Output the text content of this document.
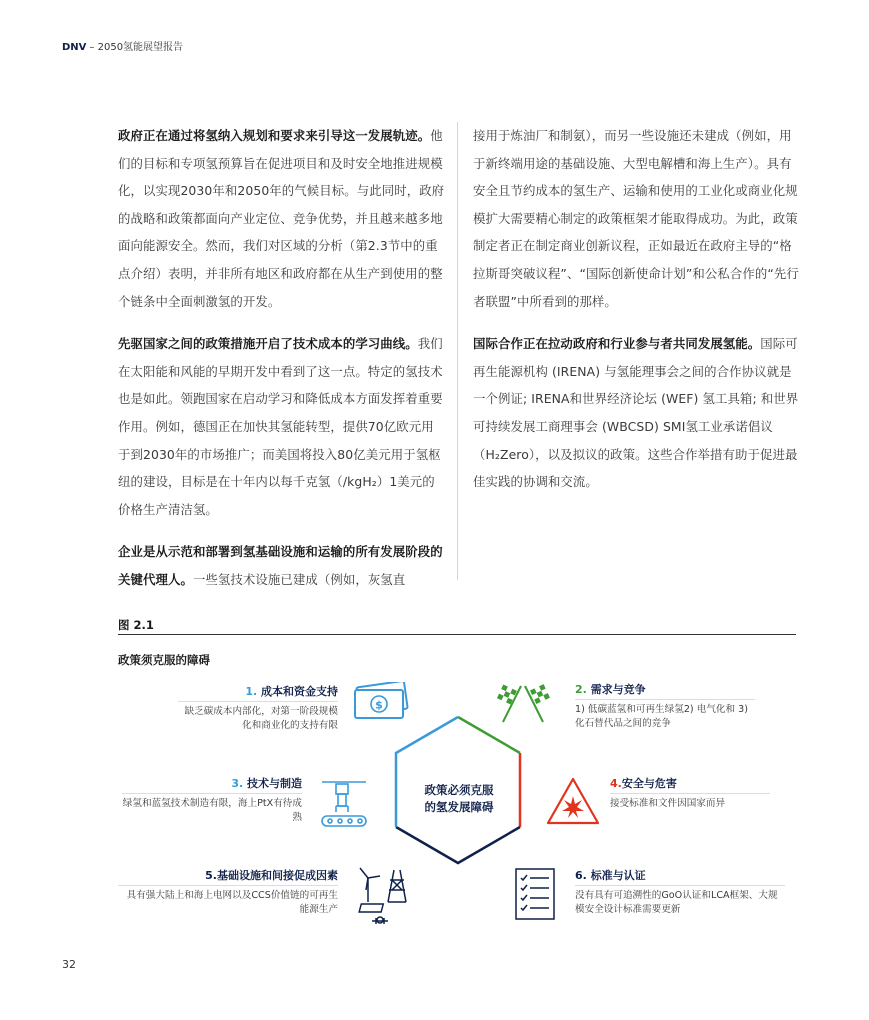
DNV – 2050氢能展望报告

政府正在通过将氢纳入规划和要求来引导这一发展轨迹。他们的目标和专项氢预算旨在促进项目和及时安全地推进规模化，以实现2030年和2050年的气候目标。与此同时，政府的战略和政策都面向产业定位、竞争优势，并且越来越多地面向能源安全。然而，我们对区域的分析（第2.3节中的重点介绍）表明，并非所有地区和政府都在从生产到使用的整个链条中全面刺激氢的开发。

先驱国家之间的政策措施开启了技术成本的学习曲线。我们在太阳能和风能的早期开发中看到了这一点。特定的氢技术也是如此。领跑国家在启动学习和降低成本方面发挥着重要作用。例如，德国正在加快其氢能转型，提供70亿欧元用于到2030年的市场推广；而美国将投入80亿美元用于氢枢纽的建设，目标是在十年内以每千克氢（/kgH₂）1美元的价格生产清洁氢。

企业是从示范和部署到氢基础设施和运输的所有发展阶段的关键代理人。一些氢技术设施已建成（例如，灰氢直

接用于炼油厂和制氨），而另一些设施还未建成（例如，用于新终端用途的基础设施、大型电解槽和海上生产）。具有安全且节约成本的氢生产、运输和使用的工业化或商业化规模扩大需要精心制定的政策框架才能取得成功。为此，政策制定者正在制定商业创新议程，正如最近在政府主导的“格拉斯哥突破议程”、“国际创新使命计划”和公私合作的“先行者联盟”中所看到的那样。

国际合作正在拉动政府和行业参与者共同发展氢能。国际可再生能源机构 (IRENA) 与氢能理事会之间的合作协议就是一个例证; IRENA和世界经济论坛 (WEF) 氢工具箱; 和世界可持续发展工商理事会 (WBCSD) SMI氢工业承诺倡议（H₂Zero），以及拟议的政策。这些合作举措有助于促进最佳实践的协调和交流。

图 2.1
政策须克服的障碍
政策必须克服的氢发展障碍
1. 成本和资金支持
缺乏碳成本内部化，对第一阶段规模化和商业化的支持有限
$
2. 需求与竞争
1) 低碳蓝氢和可再生绿氢2) 电气化和 3) 化石替代品之间的竞争
3. 技术与制造
绿氢和蓝氢技术制造有限，海上PtX有待成熟
4.安全与危害
接受标准和文件因国家而异
5.基础设施和间接促成因素
具有强大陆上和海上电网以及CCS价值链的可再生能源生产
6. 标准与认证
没有具有可追溯性的GoO认证和LCA框架、大规模安全设计标准需要更新
32
